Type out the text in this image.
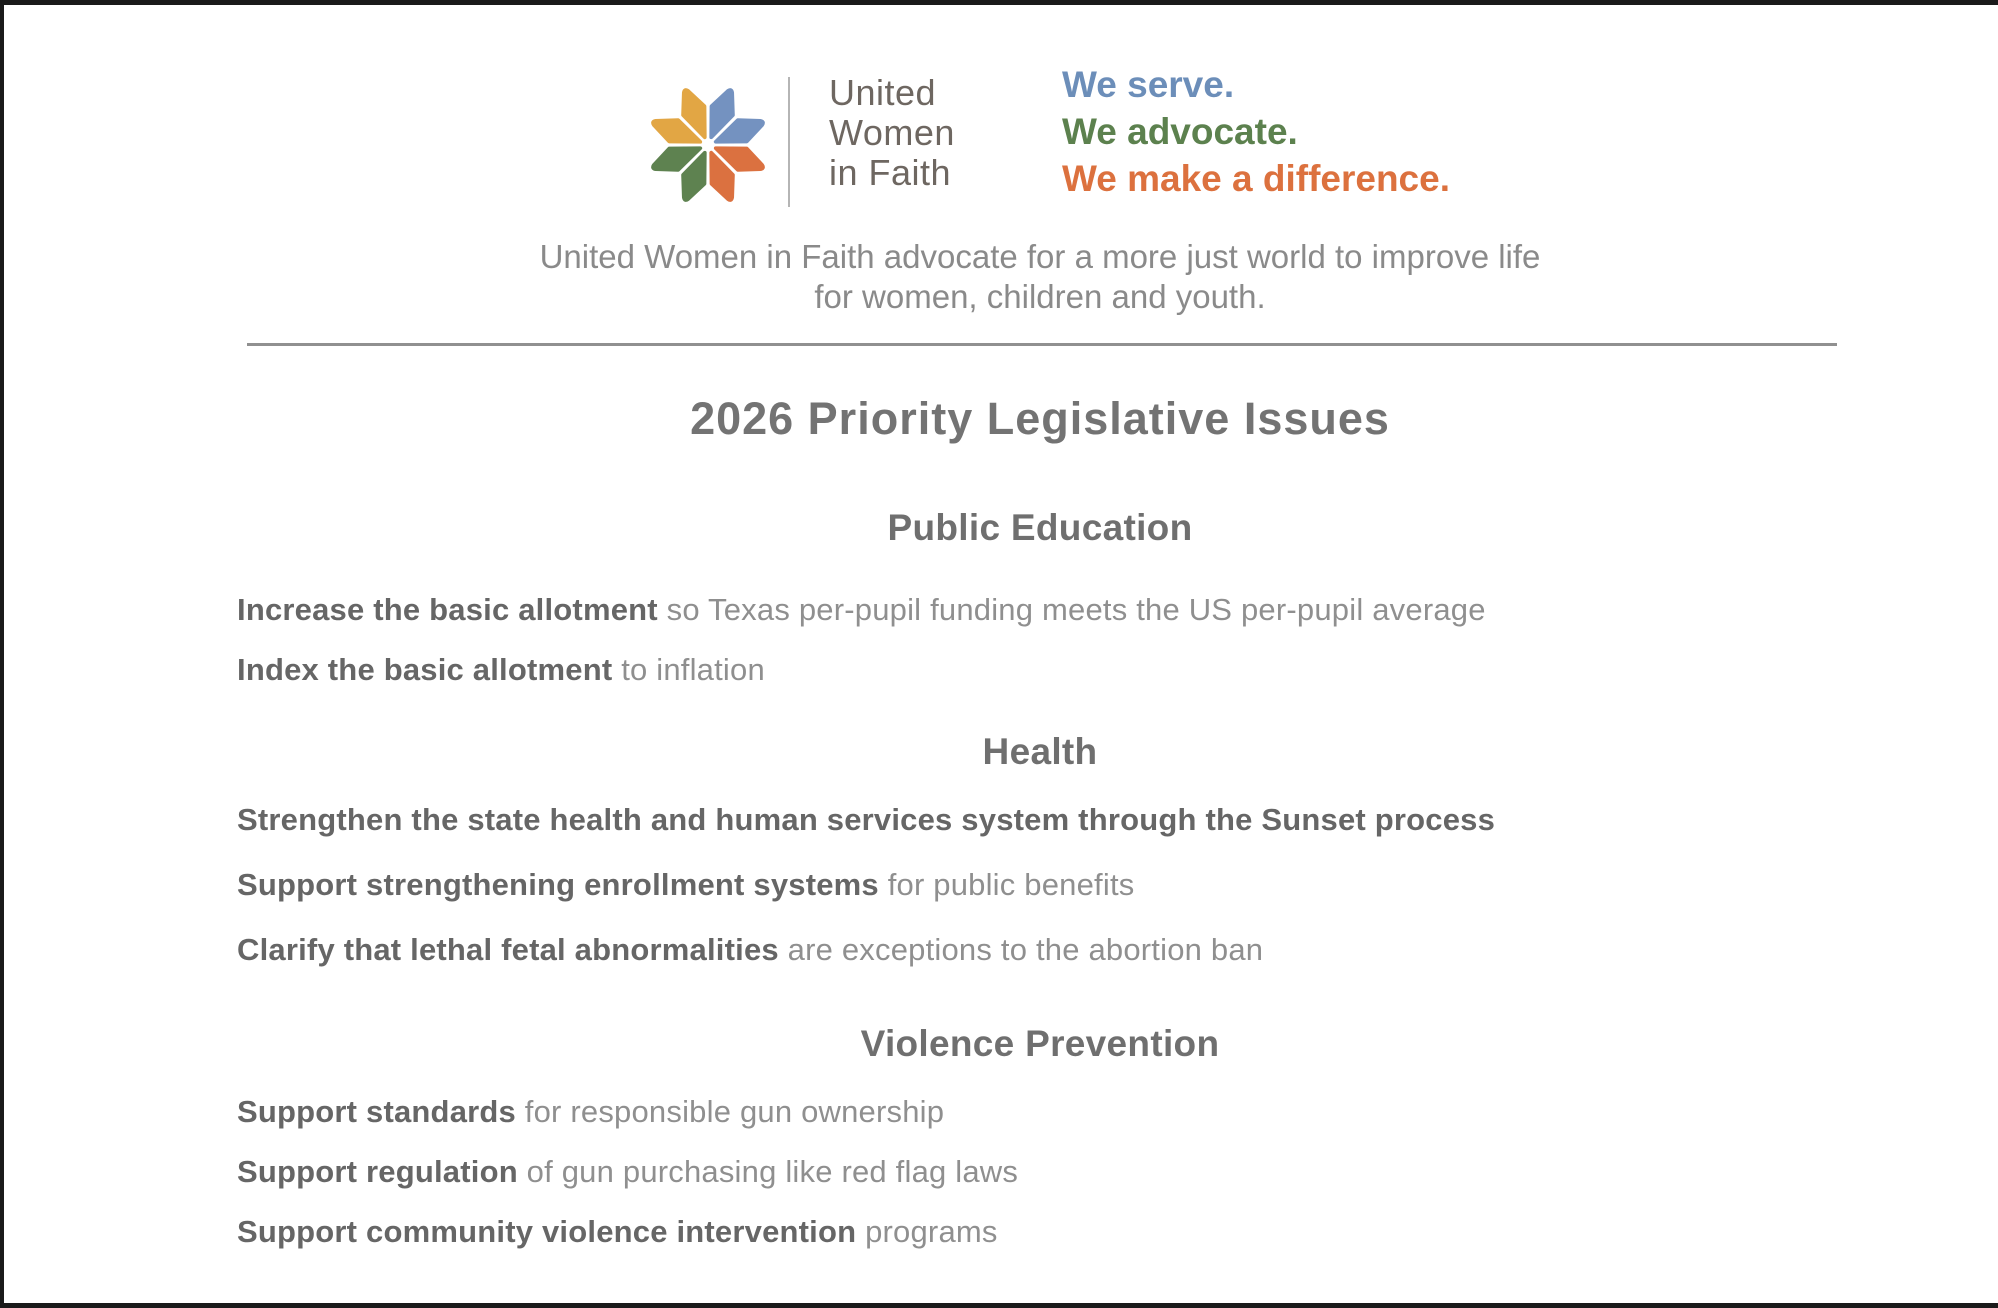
United
Women
in Faith
We serve.
We advocate.
We make a difference.
United Women in Faith advocate for a more just world to improve life
for women, children and youth.
2026 Priority Legislative Issues
Public Education

Increase the basic allotment so Texas per-pupil funding meets the US per-pupil average

Index the basic allotment to inflation

Health

Strengthen the state health and human services system through the Sunset process

Support strengthening enrollment systems for public benefits

Clarify that lethal fetal abnormalities are exceptions to the abortion ban

Violence Prevention

Support standards for responsible gun ownership

Support regulation of gun purchasing like red flag laws

Support community violence intervention programs
